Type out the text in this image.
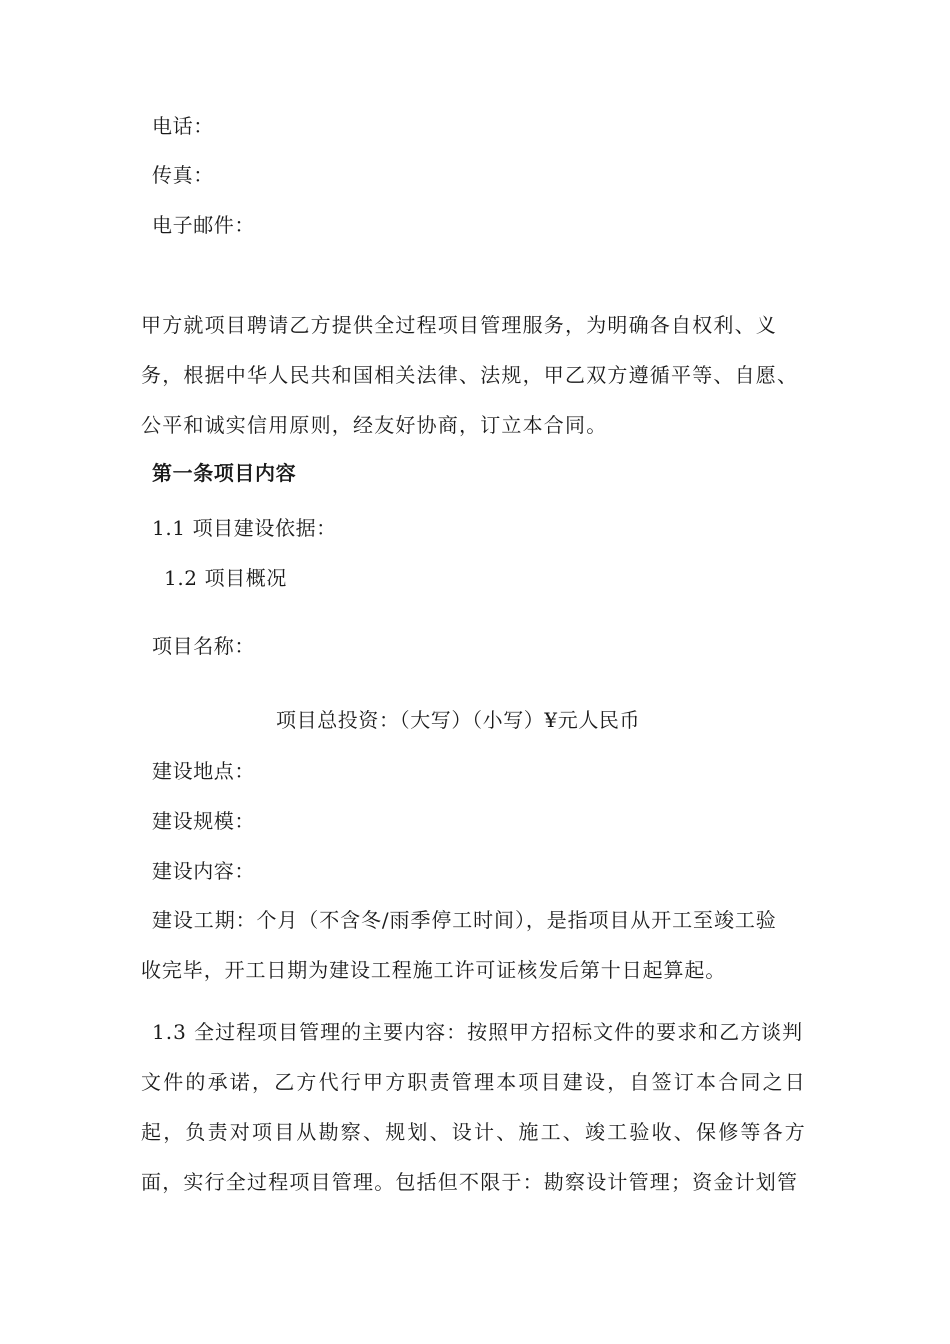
电话：
传真：
电子邮件：
甲方就项目聘请乙方提供全过程项目管理服务，为明确各自权利、义
务，根据中华人民共和国相关法律、法规，甲乙双方遵循平等、自愿、
公平和诚实信用原则，经友好协商，订立本合同。
第一条项目内容
1.1 项目建设依据：
1.2 项目概况
项目名称：
项目总投资：（大写）（小写）¥元人民币
建设地点：
建设规模：
建设内容：
建设工期：个月（不含冬/雨季停工时间），是指项目从开工至竣工验
收完毕，开工日期为建设工程施工许可证核发后第十日起算起。
1.3 全过程项目管理的主要内容：按照甲方招标文件的要求和乙方谈判
文件的承诺，乙方代行甲方职责管理本项目建设，自签订本合同之日
起，负责对项目从勘察、规划、设计、施工、竣工验收、保修等各方
面，实行全过程项目管理。包括但不限于：勘察设计管理；资金计划管
